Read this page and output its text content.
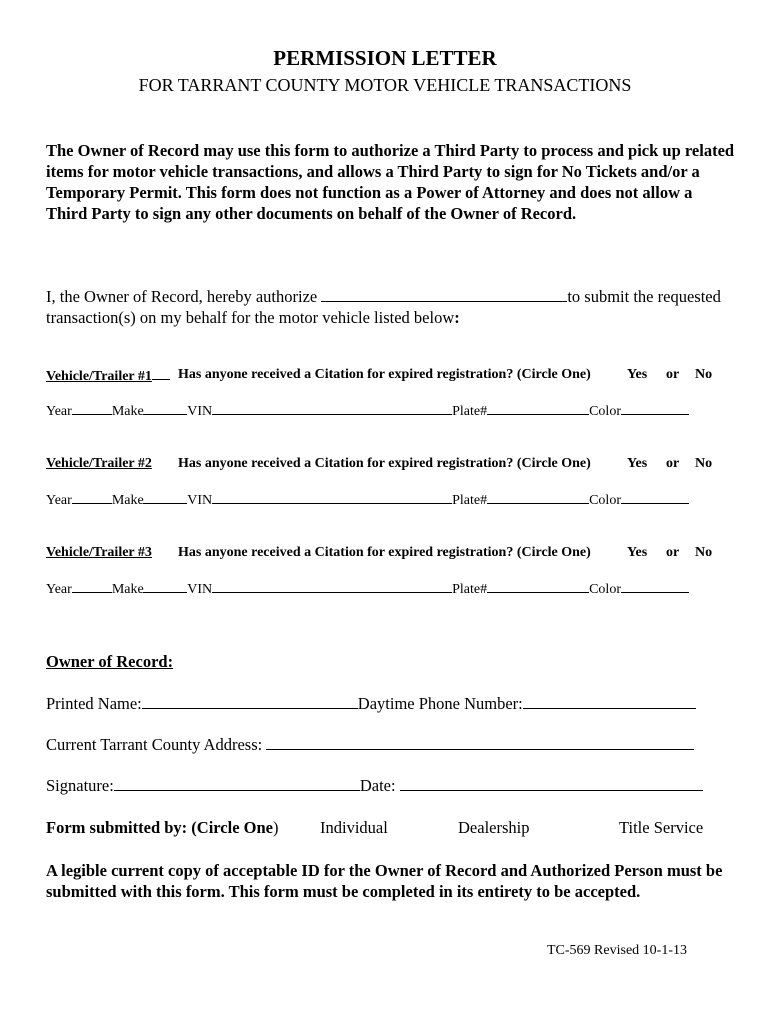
PERMISSION LETTER
FOR TARRANT COUNTY MOTOR VEHICLE TRANSACTIONS
The Owner of Record may use this form to authorize a Third Party to process and pick up related items for motor vehicle transactions, and allows a Third Party to sign for No Tickets and/or a Temporary Permit. This form does not function as a Power of Attorney and does not allow a Third Party to sign any other documents on behalf of the Owner of Record.
I, the Owner of Record, hereby authorize	to submit the requested transaction(s) on my behalf for the motor vehicle listed below:
Vehicle/Trailer #1	Has anyone received a Citation for expired registration? (Circle One)	Yes or No
Year	Make	VIN	Plate#	Color
Vehicle/Trailer #2 Has anyone received a Citation for expired registration? (Circle One)	Yes or No
Year	Make	VIN	Plate#	Color
Vehicle/Trailer #3 Has anyone received a Citation for expired registration? (Circle One)	Yes or No
Year	Make	VIN	Plate#	Color
Owner of Record:
Printed Name:	Daytime Phone Number:
Current Tarrant County Address:
Signature:	Date:
Form submitted by: (Circle One)	Individual	Dealership	Title Service
A legible current copy of acceptable ID for the Owner of Record and Authorized Person must be submitted with this form. This form must be completed in its entirety to be accepted.
TC-569 Revised 10-1-13
